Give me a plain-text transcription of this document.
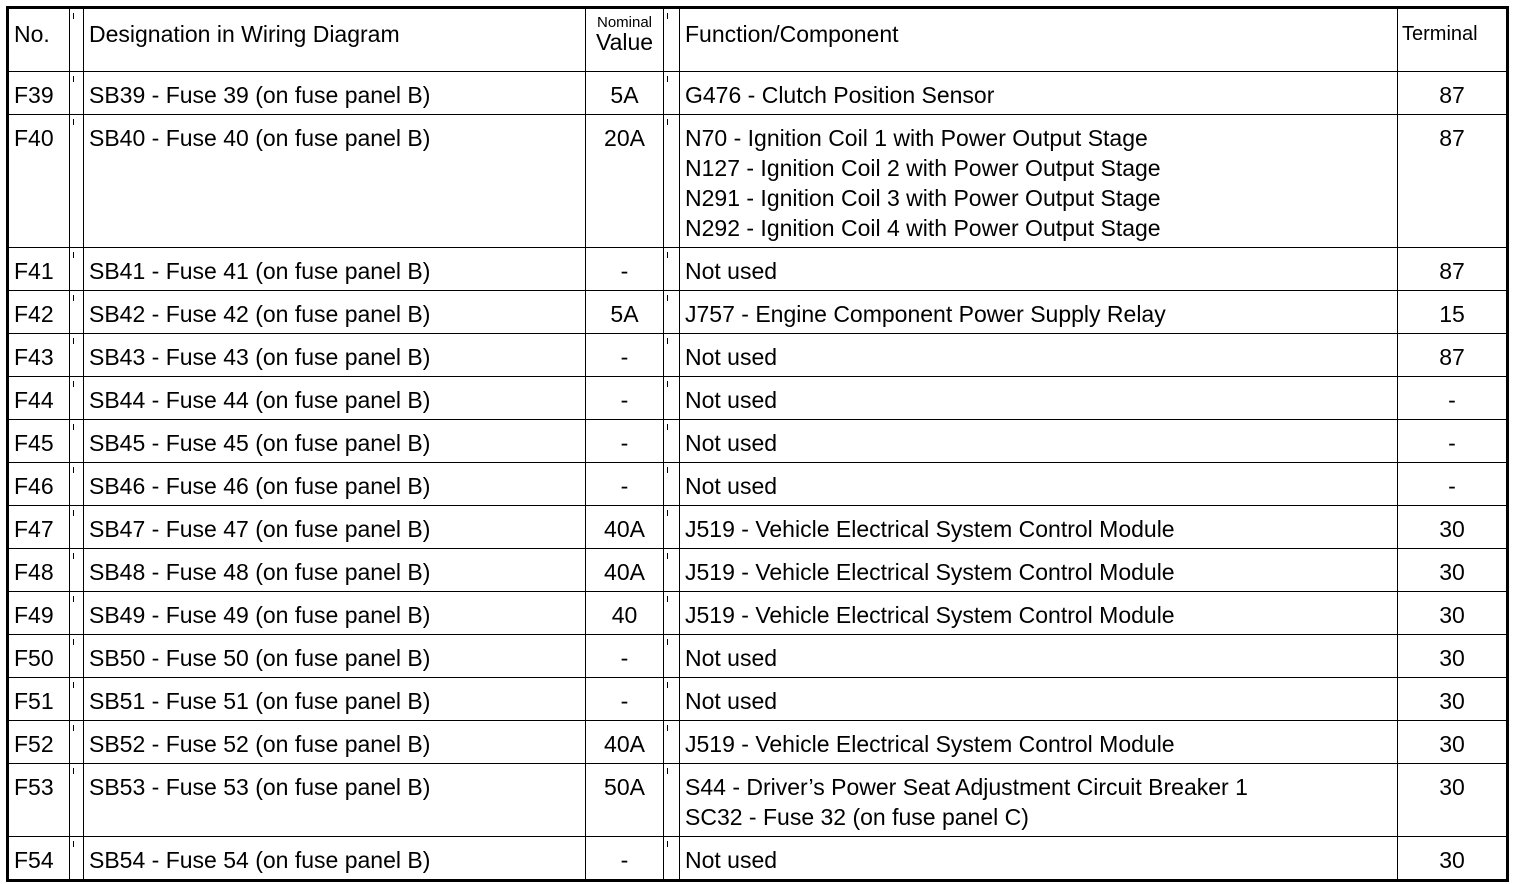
No.		Designation in Wiring Diagram	Nominal
Value		Function/Component	Terminal
F39		SB39 - Fuse 39 (on fuse panel B)	5A		G476 - Clutch Position Sensor	87
F40		SB40 - Fuse 40 (on fuse panel B)	20A		N70 - Ignition Coil 1 with Power Output Stage
N127 - Ignition Coil 2 with Power Output Stage
N291 - Ignition Coil 3 with Power Output Stage
N292 - Ignition Coil 4 with Power Output Stage	87
F41		SB41 - Fuse 41 (on fuse panel B)	-		Not used	87
F42		SB42 - Fuse 42 (on fuse panel B)	5A		J757 - Engine Component Power Supply Relay	15
F43		SB43 - Fuse 43 (on fuse panel B)	-		Not used	87
F44		SB44 - Fuse 44 (on fuse panel B)	-		Not used	-
F45		SB45 - Fuse 45 (on fuse panel B)	-		Not used	-
F46		SB46 - Fuse 46 (on fuse panel B)	-		Not used	-
F47		SB47 - Fuse 47 (on fuse panel B)	40A		J519 - Vehicle Electrical System Control Module	30
F48		SB48 - Fuse 48 (on fuse panel B)	40A		J519 - Vehicle Electrical System Control Module	30
F49		SB49 - Fuse 49 (on fuse panel B)	40		J519 - Vehicle Electrical System Control Module	30
F50		SB50 - Fuse 50 (on fuse panel B)	-		Not used	30
F51		SB51 - Fuse 51 (on fuse panel B)	-		Not used	30
F52		SB52 - Fuse 52 (on fuse panel B)	40A		J519 - Vehicle Electrical System Control Module	30
F53		SB53 - Fuse 53 (on fuse panel B)	50A		S44 - Driver’s Power Seat Adjustment Circuit Breaker 1
SC32 - Fuse 32 (on fuse panel C)	30
F54		SB54 - Fuse 54 (on fuse panel B)	-		Not used	30
